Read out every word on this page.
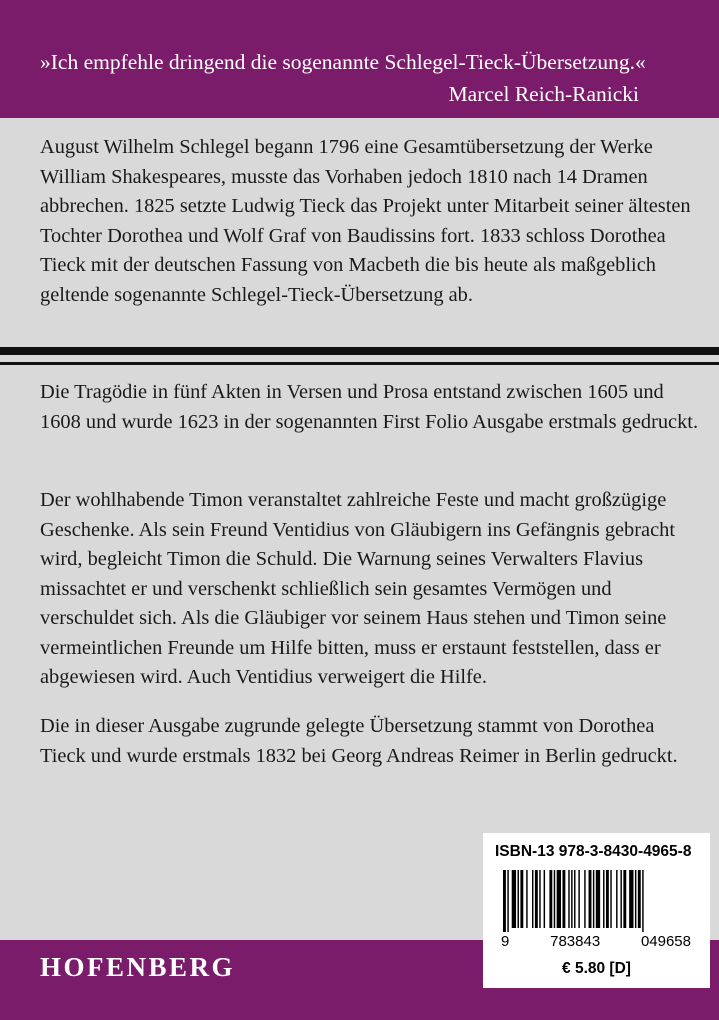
»Ich empfehle dringend die sogenannte Schlegel-Tieck-Übersetzung.«
Marcel Reich-Ranicki

August Wilhelm Schlegel begann 1796 eine Gesamtübersetzung der Werke William Shakespeares, musste das Vorhaben jedoch 1810 nach 14 Dramen abbrechen. 1825 setzte Ludwig Tieck das Projekt unter Mitarbeit seiner ältesten Tochter Dorothea und Wolf Graf von Baudissins fort. 1833 schloss Dorothea Tieck mit der deutschen Fassung von Macbeth die bis heute als maßgeblich geltende sogenannte Schlegel-Tieck-Übersetzung ab.

Die Tragödie in fünf Akten in Versen und Prosa entstand zwischen 1605 und 1608 und wurde 1623 in der sogenannten First Folio Ausgabe erstmals gedruckt.

Der wohlhabende Timon veranstaltet zahlreiche Feste und macht großzügige Geschenke. Als sein Freund Ventidius von Gläubigern ins Gefängnis gebracht wird, begleicht Timon die Schuld. Die Warnung seines Verwalters Flavius missachtet er und verschenkt schließlich sein gesamtes Vermögen und verschuldet sich. Als die Gläubiger vor seinem Haus stehen und Timon seine vermeintlichen Freunde um Hilfe bitten, muss er erstaunt feststellen, dass er abgewiesen wird. Auch Ventidius verweigert die Hilfe.

Die in dieser Ausgabe zugrunde gelegte Übersetzung stammt von Dorothea Tieck und wurde erstmals 1832 bei Georg Andreas Reimer in Berlin gedruckt.

HOFENBERG
ISBN-13 978-3-8430-4965-8
9	783843	049658
€ 5.80 [D]
